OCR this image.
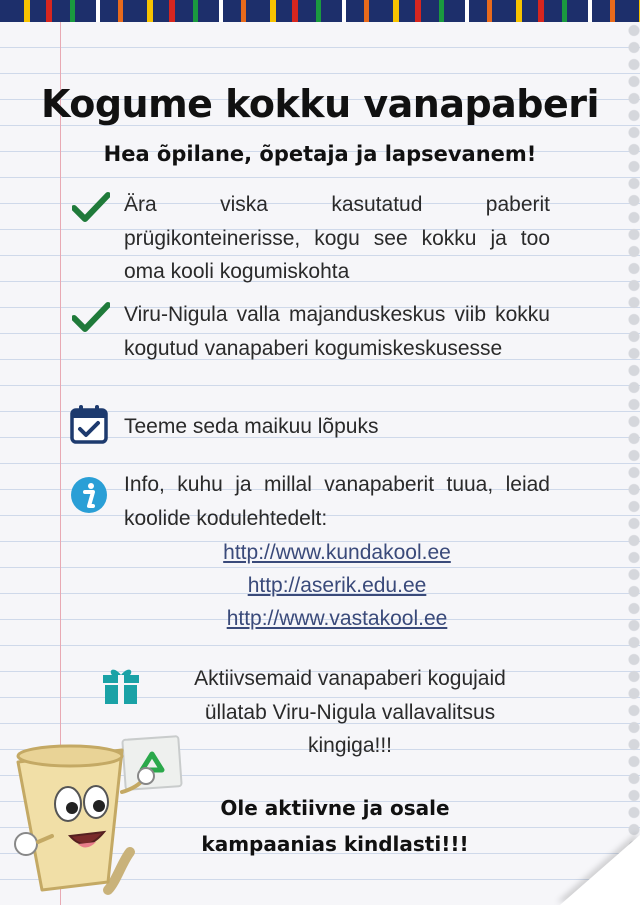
Kogume kokku vanapaberi
Hea õpilane, õpetaja ja lapsevanem!
Ära viska kasutatud paberit prügikonteinerisse, kogu see kokku ja too oma kooli kogumiskohta
Viru-Nigula valla majanduskeskus viib kokku kogutud vanapaberi kogumiskeskusesse
Teeme seda maikuu lõpuks
Info, kuhu ja millal vanapaberit tuua, leiad koolide kodulehtedelt:
http://www.kundakool.ee
http://aserik.edu.ee
http://www.vastakool.ee
Aktiivsemaid vanapaberi kogujaid
üllatab Viru-Nigula vallavalitsus
kingiga!!!
Ole aktiivne ja osale
kampaanias kindlasti!!!
